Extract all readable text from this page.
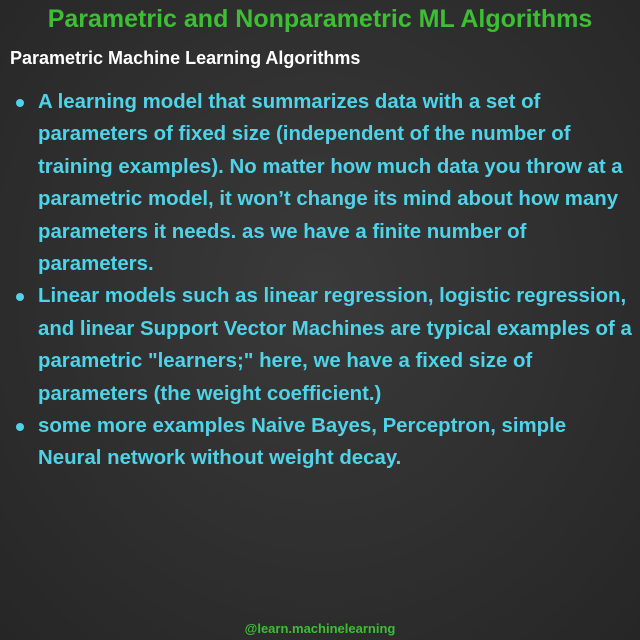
Parametric and Nonparametric ML Algorithms
Parametric Machine Learning Algorithms
A learning model that summarizes data with a set of parameters of fixed size (independent of the number of training examples). No matter how much data you throw at a parametric model, it won’t change its mind about how many parameters it needs. as we have a finite number of parameters.
Linear models such as linear regression, logistic regression, and linear Support Vector Machines are typical examples of a parametric "learners;" here, we have a fixed size of parameters (the weight coefficient.)
some more examples Naive Bayes, Perceptron, simple Neural network without weight decay.
@learn.machinelearning
